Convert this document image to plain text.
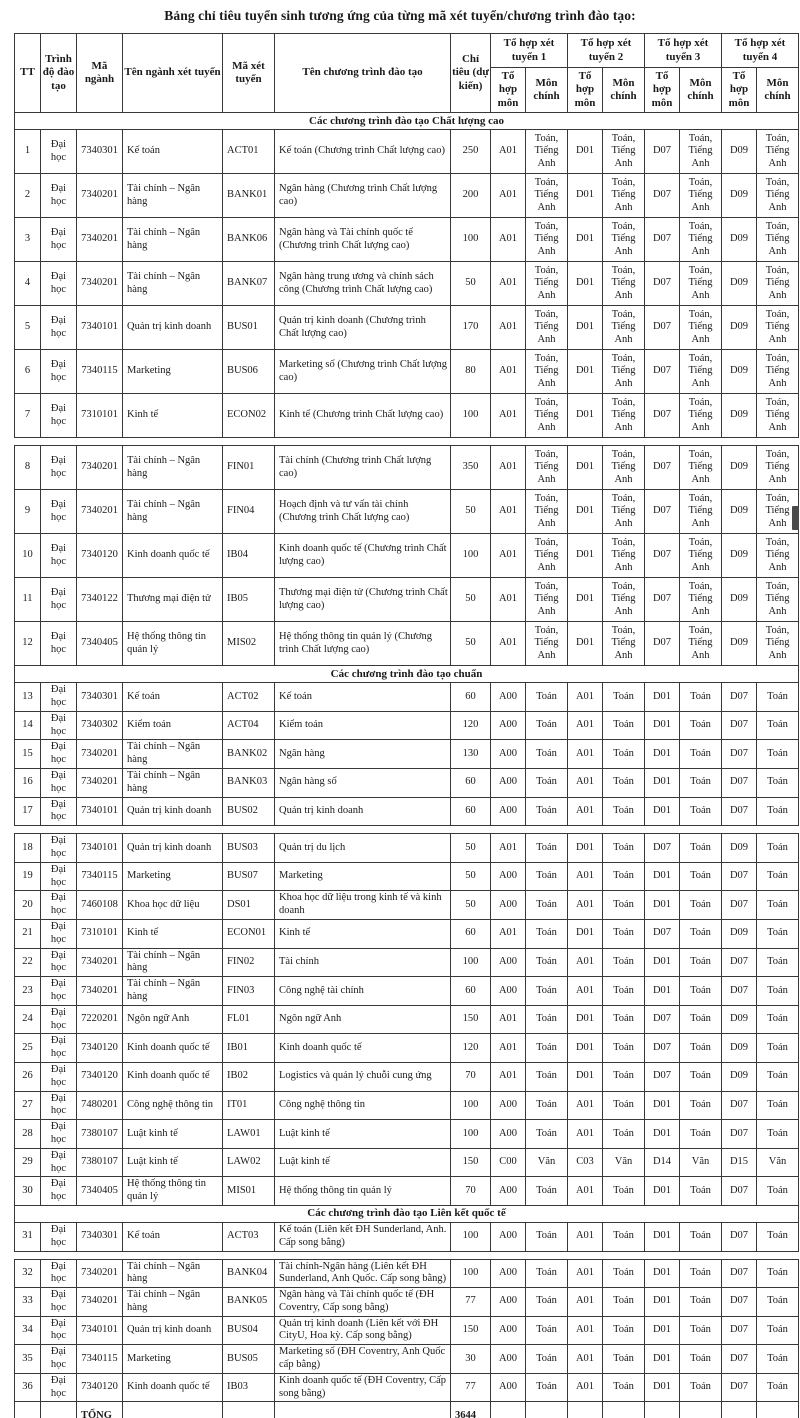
Bảng chỉ tiêu tuyển sinh tương ứng của từng mã xét tuyển/chương trình đào tạo:
TT	Trình độ đào tạo	Mã ngành	Tên ngành xét tuyển	Mã xét tuyển	Tên chương trình đào tạo	Chỉ tiêu (dự kiến)	Tổ hợp xét tuyển 1		Tổ hợp xét tuyển 2		Tổ hợp xét tuyển 3		Tổ hợp xét tuyển 4	
							Tổ hợp môn	Môn chính	Tổ hợp môn	Môn chính	Tổ hợp môn	Môn chính	Tổ hợp môn	Môn chính
Các chương trình đào tạo Chất lượng cao														
1	Đại học	7340301	Kế toán	ACT01	Kế toán (Chương trình Chất lượng cao)	250	A01	Toán, Tiếng Anh	D01	Toán, Tiếng Anh	D07	Toán, Tiếng Anh	D09	Toán, Tiếng Anh
2	Đại học	7340201	Tài chính – Ngân hàng	BANK01	Ngân hàng (Chương trình Chất lượng cao)	200	A01	Toán, Tiếng Anh	D01	Toán, Tiếng Anh	D07	Toán, Tiếng Anh	D09	Toán, Tiếng Anh
3	Đại học	7340201	Tài chính – Ngân hàng	BANK06	Ngân hàng và Tài chính quốc tế (Chương trình Chất lượng cao)	100	A01	Toán, Tiếng Anh	D01	Toán, Tiếng Anh	D07	Toán, Tiếng Anh	D09	Toán, Tiếng Anh
4	Đại học	7340201	Tài chính – Ngân hàng	BANK07	Ngân hàng trung ương và chính sách công (Chương trình Chất lượng cao)	50	A01	Toán, Tiếng Anh	D01	Toán, Tiếng Anh	D07	Toán, Tiếng Anh	D09	Toán, Tiếng Anh
5	Đại học	7340101	Quản trị kinh doanh	BUS01	Quản trị kinh doanh (Chương trình Chất lượng cao)	170	A01	Toán, Tiếng Anh	D01	Toán, Tiếng Anh	D07	Toán, Tiếng Anh	D09	Toán, Tiếng Anh
6	Đại học	7340115	Marketing	BUS06	Marketing số (Chương trình Chất lượng cao)	80	A01	Toán, Tiếng Anh	D01	Toán, Tiếng Anh	D07	Toán, Tiếng Anh	D09	Toán, Tiếng Anh
7	Đại học	7310101	Kinh tế	ECON02	Kinh tế (Chương trình Chất lượng cao)	100	A01	Toán, Tiếng Anh	D01	Toán, Tiếng Anh	D07	Toán, Tiếng Anh	D09	Toán, Tiếng Anh
8	Đại học	7340201	Tài chính – Ngân hàng	FIN01	Tài chính (Chương trình Chất lượng cao)	350	A01	Toán, Tiếng Anh	D01	Toán, Tiếng Anh	D07	Toán, Tiếng Anh	D09	Toán, Tiếng Anh
9	Đại học	7340201	Tài chính – Ngân hàng	FIN04	Hoạch định và tư vấn tài chính (Chương trình Chất lượng cao)	50	A01	Toán, Tiếng Anh	D01	Toán, Tiếng Anh	D07	Toán, Tiếng Anh	D09	Toán, Tiếng Anh
10	Đại học	7340120	Kinh doanh quốc tế	IB04	Kinh doanh quốc tế (Chương trình Chất lượng cao)	100	A01	Toán, Tiếng Anh	D01	Toán, Tiếng Anh	D07	Toán, Tiếng Anh	D09	Toán, Tiếng Anh
11	Đại học	7340122	Thương mại điện tử	IB05	Thương mại điện tử (Chương trình Chất lượng cao)	50	A01	Toán, Tiếng Anh	D01	Toán, Tiếng Anh	D07	Toán, Tiếng Anh	D09	Toán, Tiếng Anh
12	Đại học	7340405	Hệ thống thông tin quản lý	MIS02	Hệ thống thông tin quản lý (Chương trình Chất lượng cao)	50	A01	Toán, Tiếng Anh	D01	Toán, Tiếng Anh	D07	Toán, Tiếng Anh	D09	Toán, Tiếng Anh
Các chương trình đào tạo chuẩn														
13	Đại học	7340301	Kế toán	ACT02	Kế toán	60	A00	Toán	A01	Toán	D01	Toán	D07	Toán
14	Đại học	7340302	Kiểm toán	ACT04	Kiểm toán	120	A00	Toán	A01	Toán	D01	Toán	D07	Toán
15	Đại học	7340201	Tài chính – Ngân hàng	BANK02	Ngân hàng	130	A00	Toán	A01	Toán	D01	Toán	D07	Toán
16	Đại học	7340201	Tài chính – Ngân hàng	BANK03	Ngân hàng số	60	A00	Toán	A01	Toán	D01	Toán	D07	Toán
17	Đại học	7340101	Quản trị kinh doanh	BUS02	Quản trị kinh doanh	60	A00	Toán	A01	Toán	D01	Toán	D07	Toán
18	Đại học	7340101	Quản trị kinh doanh	BUS03	Quản trị du lịch	50	A01	Toán	D01	Toán	D07	Toán	D09	Toán
19	Đại học	7340115	Marketing	BUS07	Marketing	50	A00	Toán	A01	Toán	D01	Toán	D07	Toán
20	Đại học	7460108	Khoa học dữ liệu	DS01	Khoa học dữ liệu trong kinh tế và kinh doanh	50	A00	Toán	A01	Toán	D01	Toán	D07	Toán
21	Đại học	7310101	Kinh tế	ECON01	Kinh tế	60	A01	Toán	D01	Toán	D07	Toán	D09	Toán
22	Đại học	7340201	Tài chính – Ngân hàng	FIN02	Tài chính	100	A00	Toán	A01	Toán	D01	Toán	D07	Toán
23	Đại học	7340201	Tài chính – Ngân hàng	FIN03	Công nghệ tài chính	60	A00	Toán	A01	Toán	D01	Toán	D07	Toán
24	Đại học	7220201	Ngôn ngữ Anh	FL01	Ngôn ngữ Anh	150	A01	Toán	D01	Toán	D07	Toán	D09	Toán
25	Đại học	7340120	Kinh doanh quốc tế	IB01	Kinh doanh quốc tế	120	A01	Toán	D01	Toán	D07	Toán	D09	Toán
26	Đại học	7340120	Kinh doanh quốc tế	IB02	Logistics và quản lý chuỗi cung ứng	70	A01	Toán	D01	Toán	D07	Toán	D09	Toán
27	Đại học	7480201	Công nghệ thông tin	IT01	Công nghệ thông tin	100	A00	Toán	A01	Toán	D01	Toán	D07	Toán
28	Đại học	7380107	Luật kinh tế	LAW01	Luật kinh tế	100	A00	Toán	A01	Toán	D01	Toán	D07	Toán
29	Đại học	7380107	Luật kinh tế	LAW02	Luật kinh tế	150	C00	Văn	C03	Văn	D14	Văn	D15	Văn
30	Đại học	7340405	Hệ thống thông tin quản lý	MIS01	Hệ thống thông tin quản lý	70	A00	Toán	A01	Toán	D01	Toán	D07	Toán
Các chương trình đào tạo Liên kết quốc tế														
31	Đại học	7340301	Kế toán	ACT03	Kế toán (Liên kết ĐH Sunderland, Anh. Cấp song bằng)	100	A00	Toán	A01	Toán	D01	Toán	D07	Toán
32	Đại học	7340201	Tài chính – Ngân hàng	BANK04	Tài chính-Ngân hàng (Liên kết ĐH Sunderland, Anh Quốc. Cấp song bằng)	100	A00	Toán	A01	Toán	D01	Toán	D07	Toán
33	Đại học	7340201	Tài chính – Ngân hàng	BANK05	Ngân hàng và Tài chính quốc tế (ĐH Coventry, Cấp song bằng)	77	A00	Toán	A01	Toán	D01	Toán	D07	Toán
34	Đại học	7340101	Quản trị kinh doanh	BUS04	Quản trị kinh doanh (Liên kết với ĐH CityU, Hoa kỳ. Cấp song bằng)	150	A00	Toán	A01	Toán	D01	Toán	D07	Toán
35	Đại học	7340115	Marketing	BUS05	Marketing số (ĐH Coventry, Anh Quốc cấp bằng)	30	A00	Toán	A01	Toán	D01	Toán	D07	Toán
36	Đại học	7340120	Kinh doanh quốc tế	IB03	Kinh doanh quốc tế (ĐH Coventry, Cấp song bằng)	77	A00	Toán	A01	Toán	D01	Toán	D07	Toán
		TỔNG				3644								
